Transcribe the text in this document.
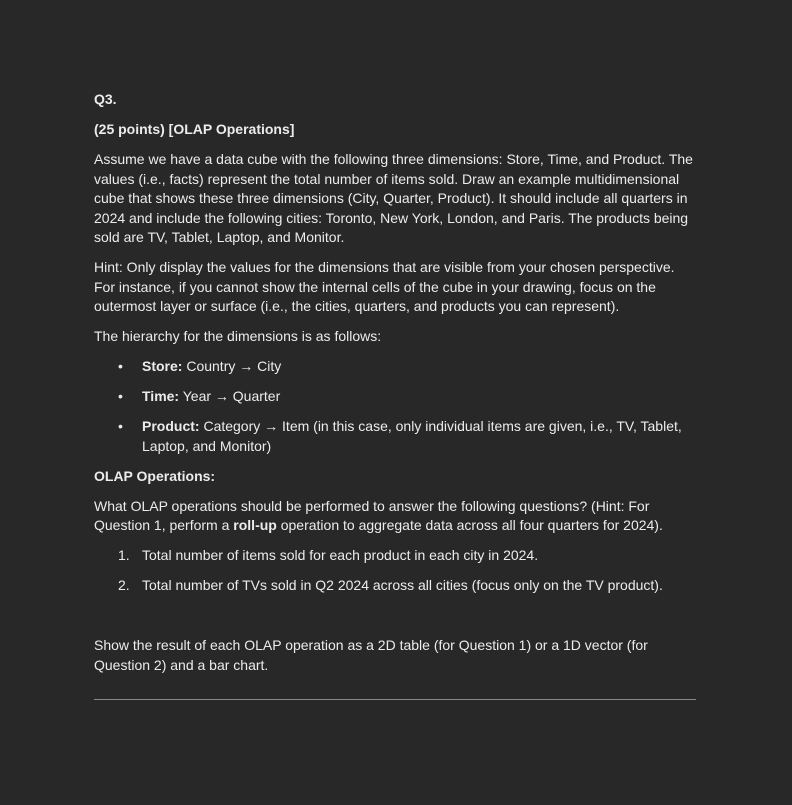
Q3.

(25 points) [OLAP Operations]

Assume we have a data cube with the following three dimensions: Store, Time, and Product. The values (i.e., facts) represent the total number of items sold. Draw an example multidimensional cube that shows these three dimensions (City, Quarter, Product). It should include all quarters in 2024 and include the following cities: Toronto, New York, London, and Paris. The products being sold are TV, Tablet, Laptop, and Monitor.

Hint: Only display the values for the dimensions that are visible from your chosen perspective. For instance, if you cannot show the internal cells of the cube in your drawing, focus on the outermost layer or surface (i.e., the cities, quarters, and products you can represent).

The hierarchy for the dimensions is as follows:

• Store: Country → City
• Time: Year → Quarter
• Product: Category → Item (in this case, only individual items are given, i.e., TV, Tablet, Laptop, and Monitor)

OLAP Operations:

What OLAP operations should be performed to answer the following questions? (Hint: For Question 1, perform a roll-up operation to aggregate data across all four quarters for 2024).

1. Total number of items sold for each product in each city in 2024.
2. Total number of TVs sold in Q2 2024 across all cities (focus only on the TV product).

Show the result of each OLAP operation as a 2D table (for Question 1) or a 1D vector (for Question 2) and a bar chart.
